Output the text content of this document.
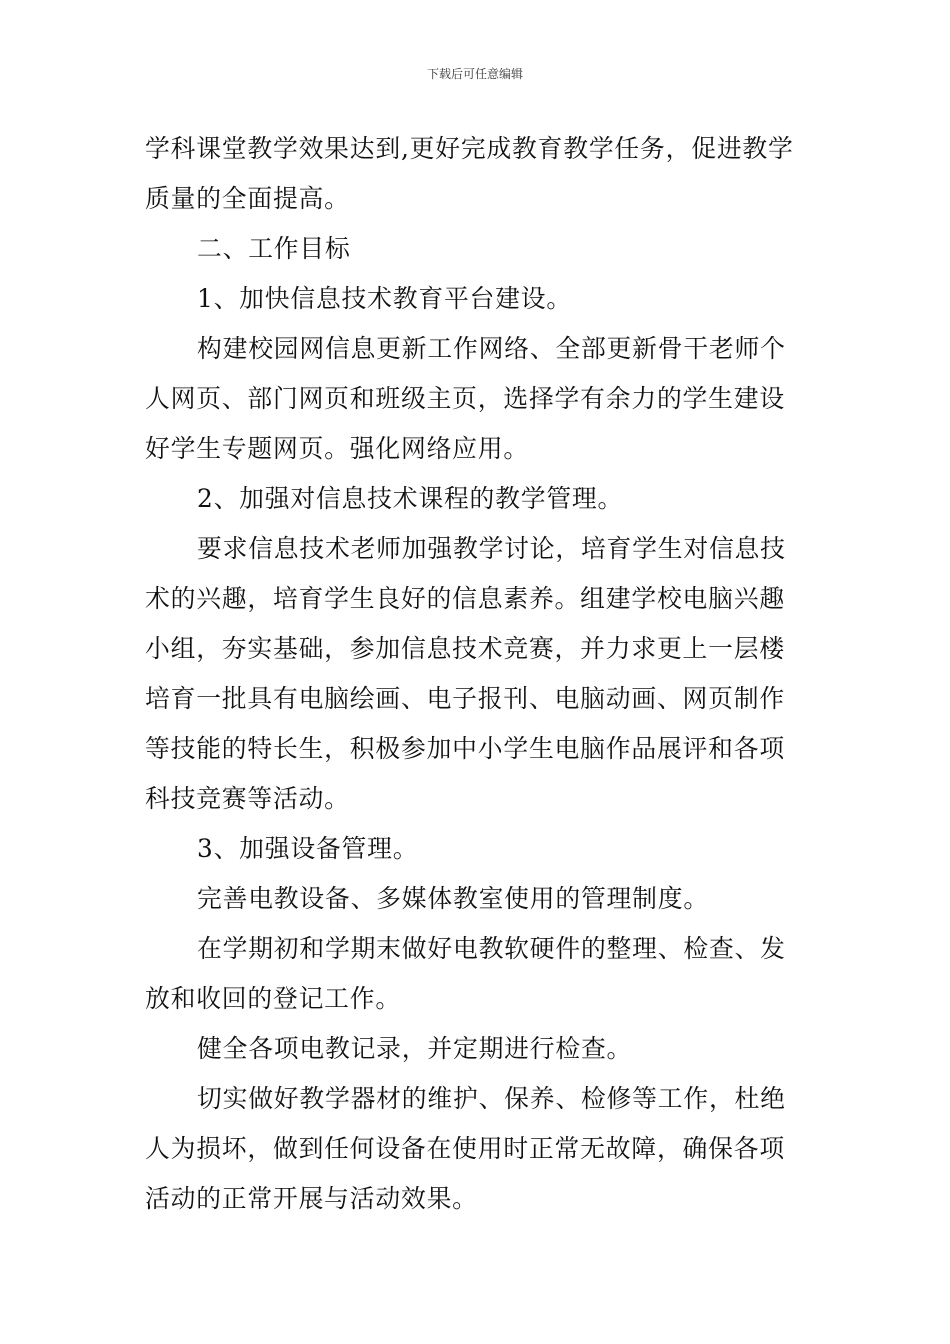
下载后可任意编辑

学科课堂教学效果达到,更好完成教育教学任务，促进教学
质量的全面提高。

二、工作目标

1、加快信息技术教育平台建设。

构建校园网信息更新工作网络、全部更新骨干老师个
人网页、部门网页和班级主页，选择学有余力的学生建设
好学生专题网页。强化网络应用。

2、加强对信息技术课程的教学管理。

要求信息技术老师加强教学讨论，培育学生对信息技
术的兴趣，培育学生良好的信息素养。组建学校电脑兴趣
小组，夯实基础，参加信息技术竞赛，并力求更上一层楼
培育一批具有电脑绘画、电子报刊、电脑动画、网页制作
等技能的特长生，积极参加中小学生电脑作品展评和各项
科技竞赛等活动。

3、加强设备管理。

完善电教设备、多媒体教室使用的管理制度。

在学期初和学期末做好电教软硬件的整理、检查、发
放和收回的登记工作。

健全各项电教记录，并定期进行检查。

切实做好教学器材的维护、保养、检修等工作，杜绝
人为损坏，做到任何设备在使用时正常无故障，确保各项
活动的正常开展与活动效果。
